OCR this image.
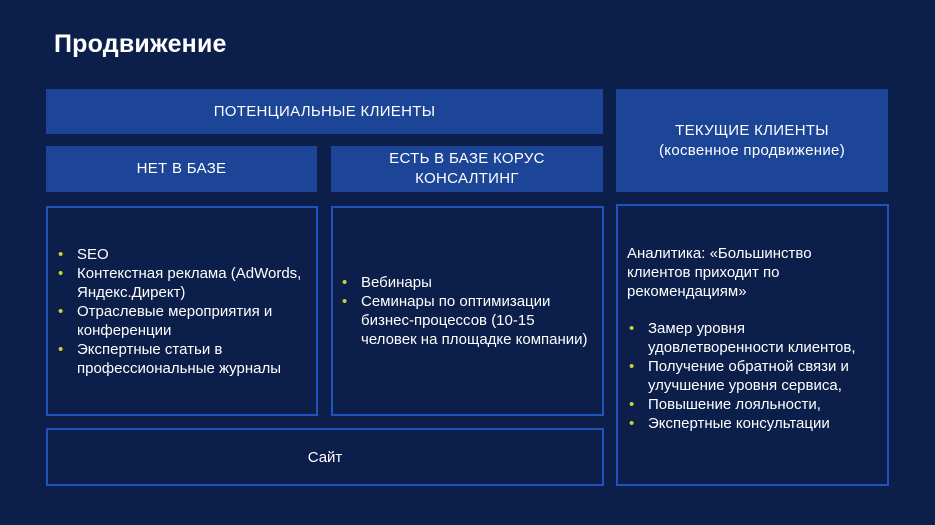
Продвижение
ПОТЕНЦИАЛЬНЫЕ КЛИЕНТЫ
НЕТ В БАЗЕ
ЕСТЬ В БАЗЕ КОРУС
КОНСАЛТИНГ
ТЕКУЩИЕ КЛИЕНТЫ
(косвенное продвижение)
• SEO
• Контекстная реклама (AdWords, Яндекс.Директ)
• Отраслевые мероприятия и конференции
• Экспертные статьи в профессиональные журналы
• Вебинары
• Семинары по оптимизации бизнес-процессов (10-15 человек на площадке компании)
Аналитика: «Большинство клиентов приходит по рекомендациям»
• Замер уровня удовлетворенности клиентов,
• Получение обратной связи и улучшение уровня сервиса,
• Повышение лояльности,
• Экспертные консультации
Сайт
